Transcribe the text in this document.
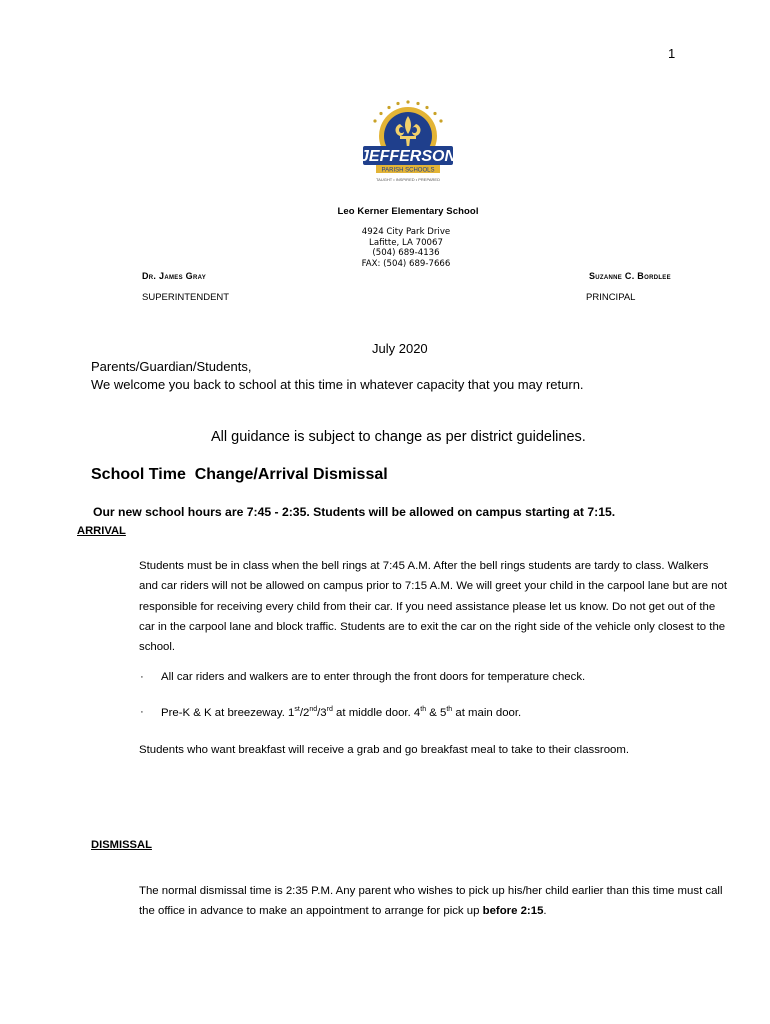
1
JEFFERSON
PARISH SCHOOLS
TAUGHT • INSPIRED • PREPARED
Leo Kerner Elementary School
4924 City Park Drive
Lafitte, LA 70067
(504) 689-4136
FAX: (504) 689-7666
Dr. James Gray
SUPERINTENDENT
Suzanne C. Bordlee
PRINCIPAL
July 2020
Parents/Guardian/Students,
We welcome you back to school at this time in whatever capacity that you may return.
All guidance is subject to change as per district guidelines.
School Time  Change/Arrival Dismissal
Our new school hours are 7:45 - 2:35. Students will be allowed on campus starting at 7:15.
ARRIVAL
Students must be in class when the bell rings at 7:45 A.M. After the bell rings students are tardy to class. Walkers and car riders will not be allowed on campus prior to 7:15 A.M. We will greet your child in the carpool lane but are not responsible for receiving every child from their car. If you need assistance please let us know. Do not get out of the car in the carpool lane and block traffic. Students are to exit the car on the right side of the vehicle only closest to the school.
· All car riders and walkers are to enter through the front doors for temperature check.
· Pre-K & K at breezeway. 1st/2nd/3rd at middle door. 4th & 5th at main door.
Students who want breakfast will receive a grab and go breakfast meal to take to their classroom.
DISMISSAL
The normal dismissal time is 2:35 P.M. Any parent who wishes to pick up his/her child earlier than this time must call the office in advance to make an appointment to arrange for pick up before 2:15.
